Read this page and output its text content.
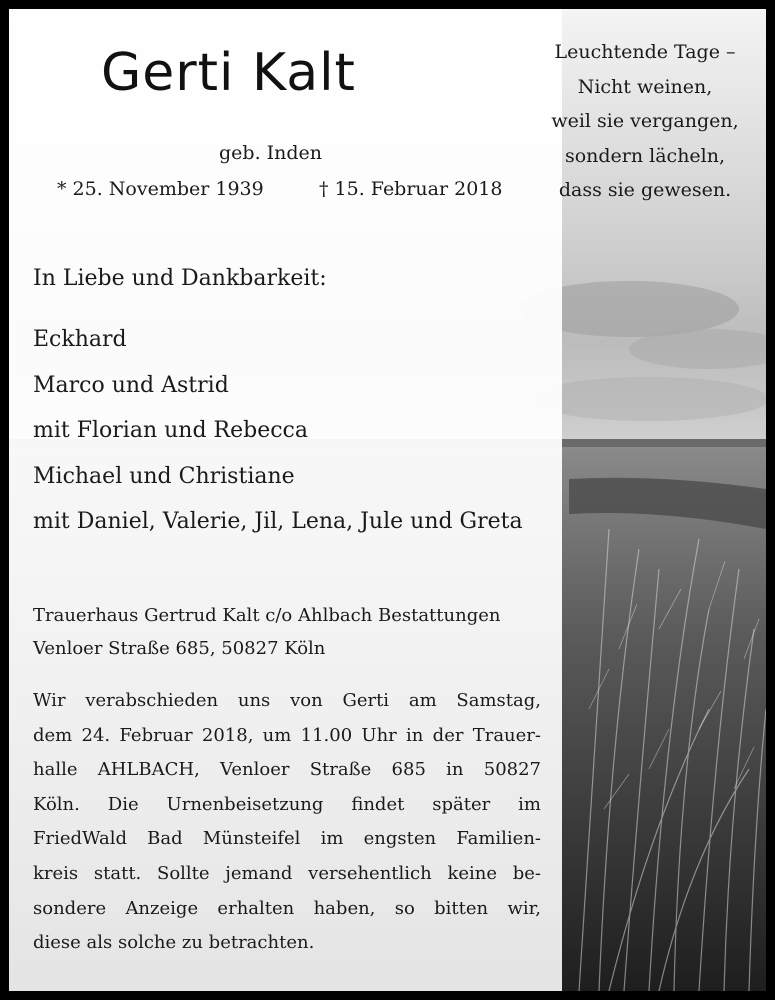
Gerti Kalt
geb. Inden
* 25. November 1939	† 15. Februar 2018
Leuchtende Tage –
Nicht weinen,
weil sie vergangen,
sondern lächeln,
dass sie gewesen.
In Liebe und Dankbarkeit:
Eckhard
Marco und Astrid
mit Florian und Rebecca
Michael und Christiane
mit Daniel, Valerie, Jil, Lena, Jule und Greta
Trauerhaus Gertrud Kalt c/o Ahlbach Bestattungen
Venloer Straße 685, 50827 Köln
Wir verabschieden uns von Gerti am Samstag,
dem 24. Februar 2018, um 11.00 Uhr in der Trauer-
halle AHLBACH, Venloer Straße 685 in 50827
Köln. Die Urnenbeisetzung findet später im
FriedWald Bad Münsteifel im engsten Familien-
kreis statt. Sollte jemand versehentlich keine be-
sondere Anzeige erhalten haben, so bitten wir,
diese als solche zu betrachten.
